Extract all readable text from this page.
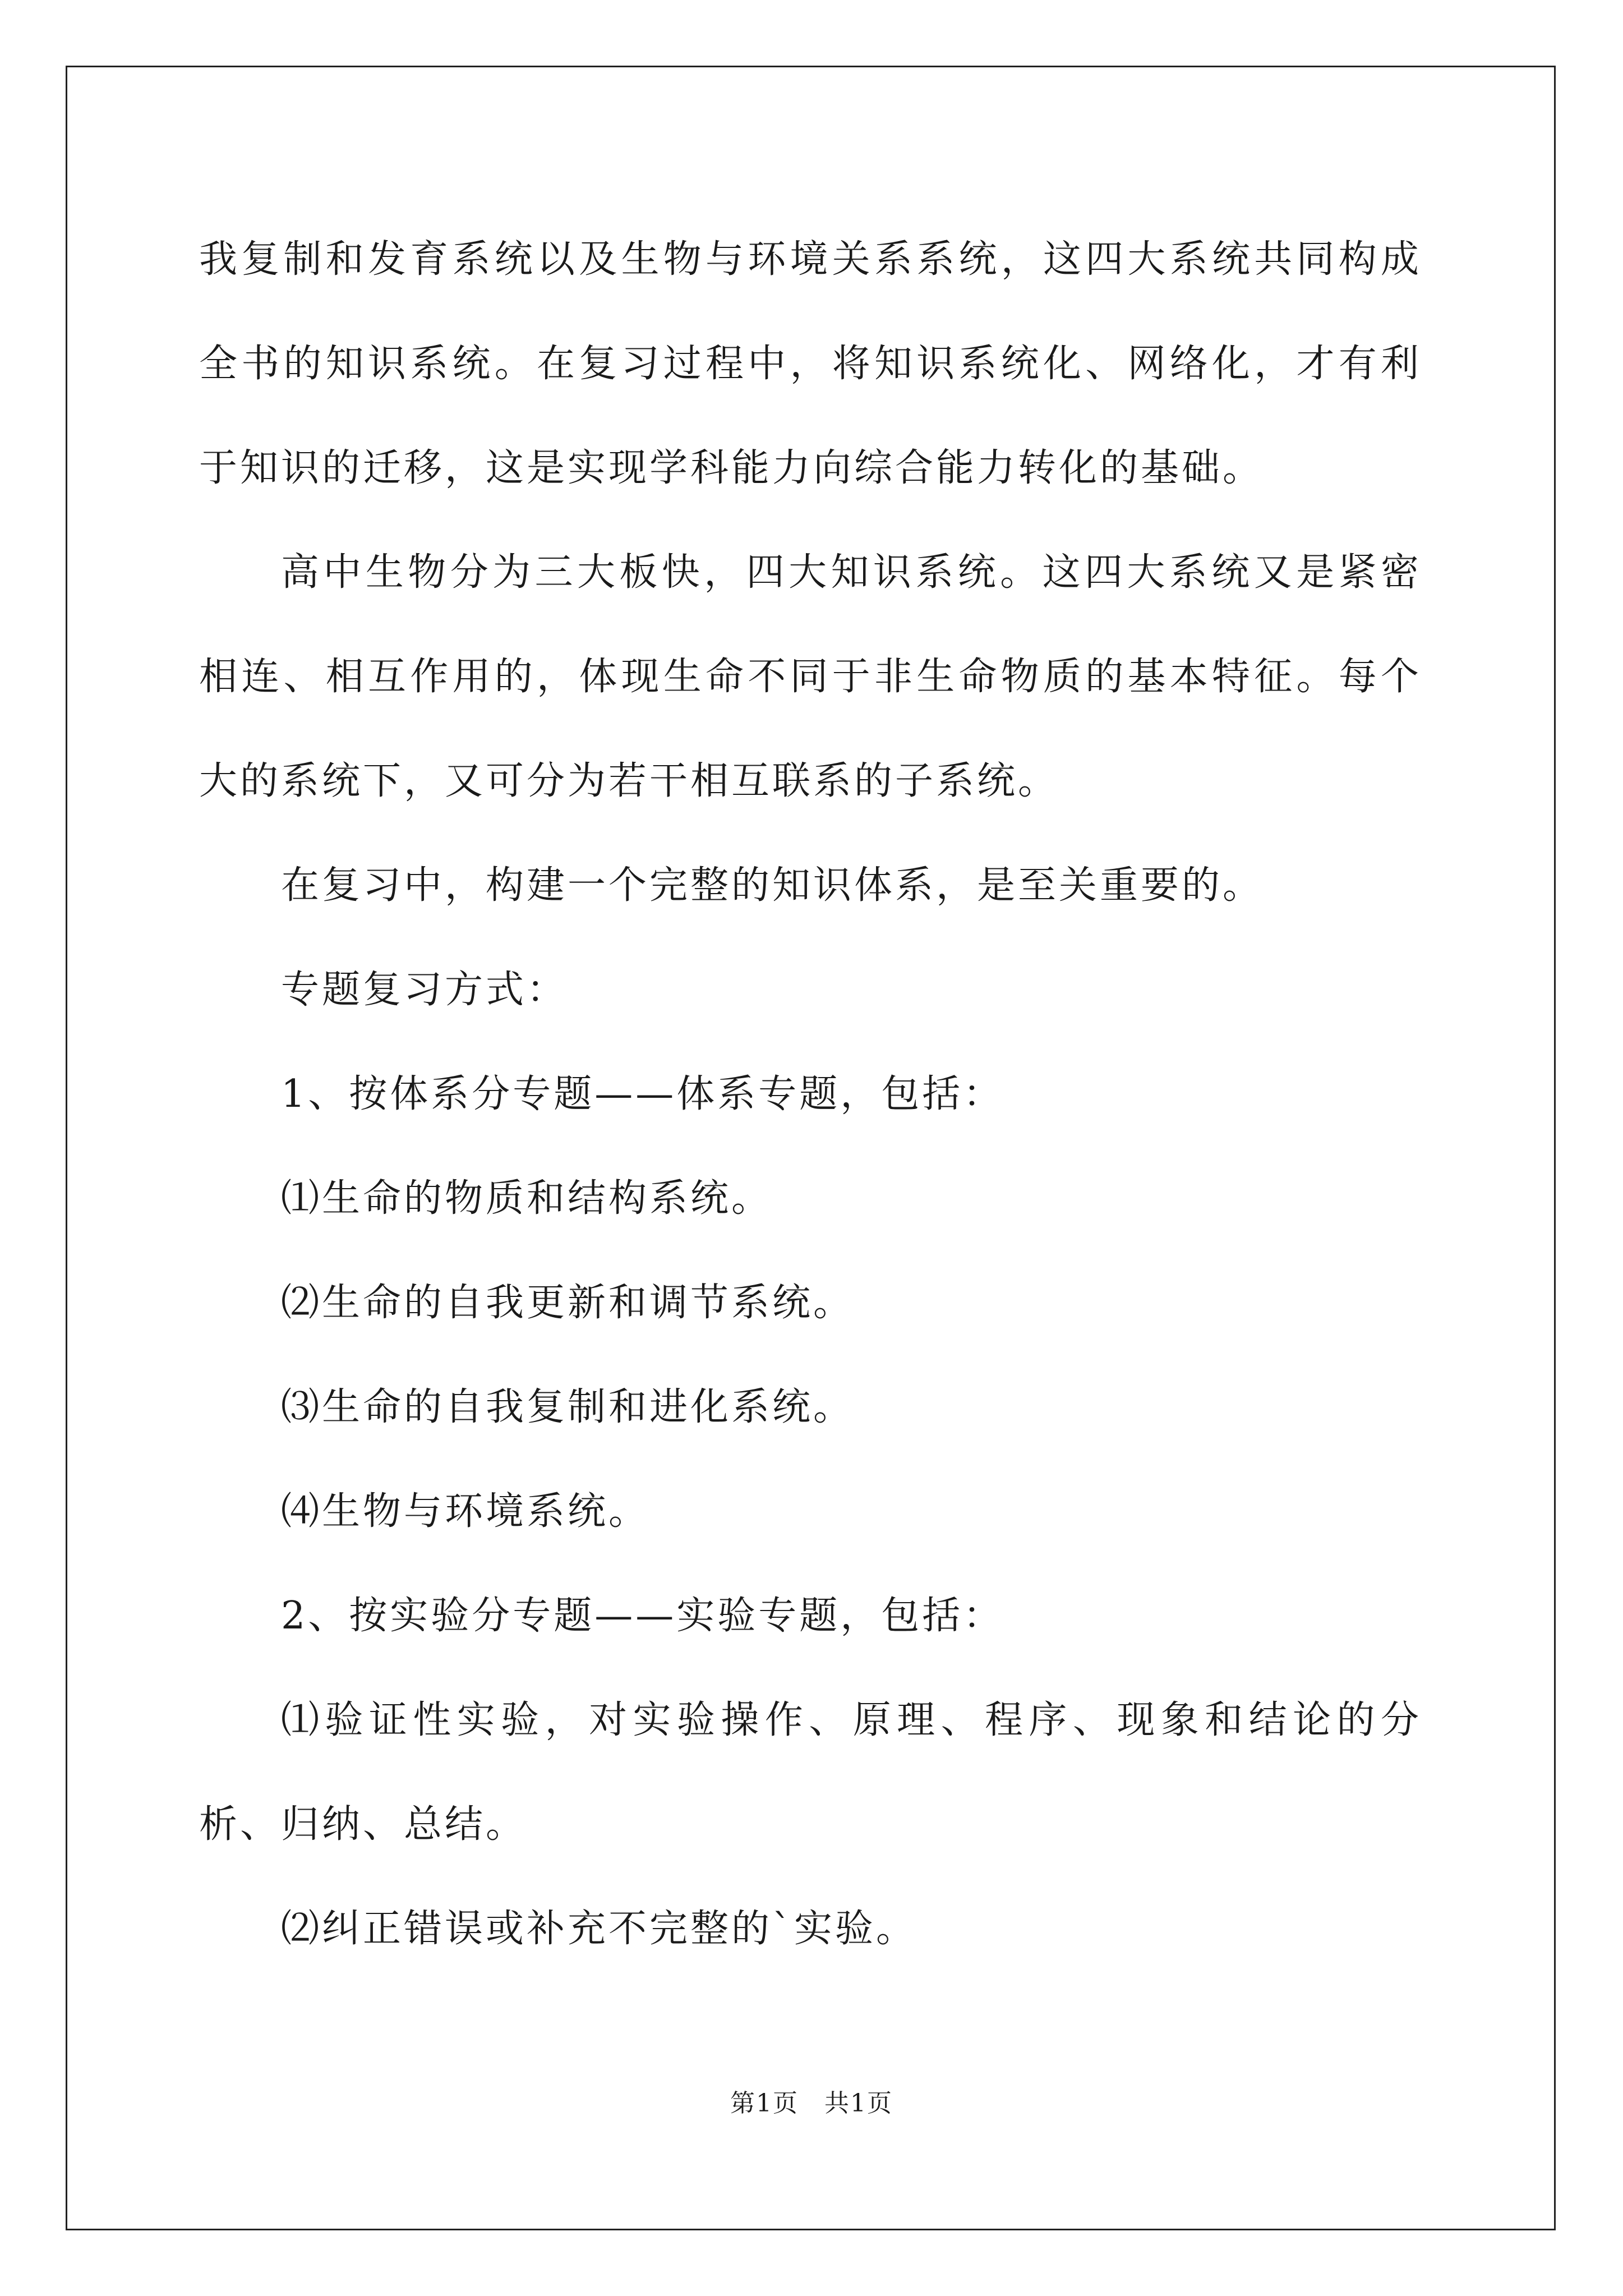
我复制和发育系统以及生物与环境关系系统，这四大系统共同构成全书的知识系统。在复习过程中，将知识系统化、网络化，才有利于知识的迁移，这是实现学科能力向综合能力转化的基础。

高中生物分为三大板快，四大知识系统。这四大系统又是紧密相连、相互作用的，体现生命不同于非生命物质的基本特征。每个大的系统下，又可分为若干相互联系的子系统。

在复习中，构建一个完整的知识体系，是至关重要的。

专题复习方式：

1、按体系分专题——体系专题，包括：

⑴生命的物质和结构系统。

⑵生命的自我更新和调节系统。

⑶生命的自我复制和进化系统。

⑷生物与环境系统。

2、按实验分专题——实验专题，包括：

⑴验证性实验，对实验操作、原理、程序、现象和结论的分析、归纳、总结。

⑵纠正错误或补充不完整的`实验。

第1页　共1页
